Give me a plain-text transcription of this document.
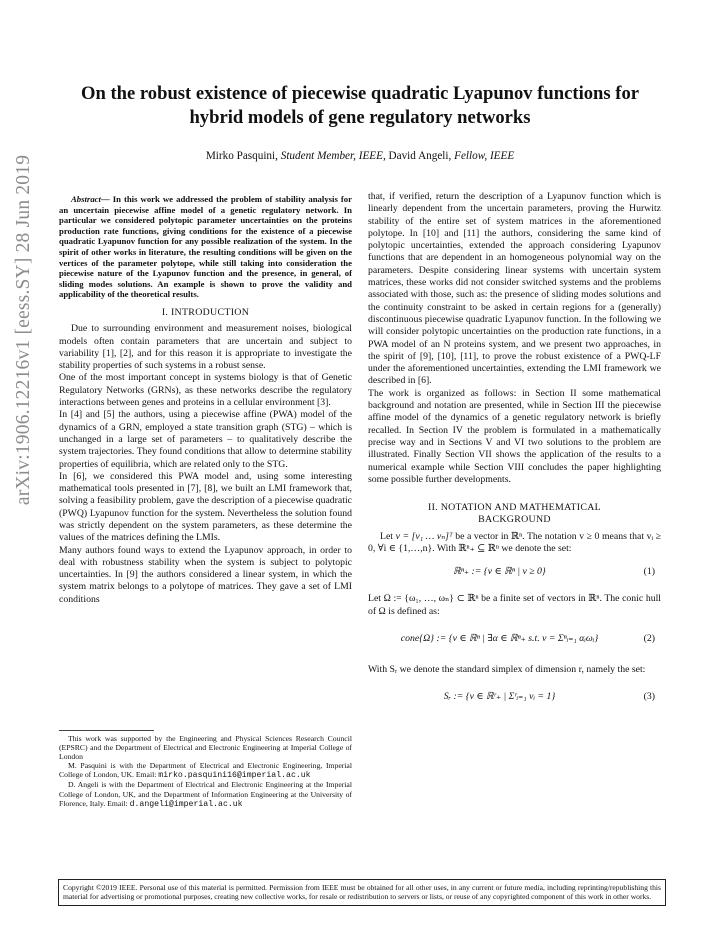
arXiv:1906.12216v1 [eess.SY] 28 Jun 2019
On the robust existence of piecewise quadratic Lyapunov functions for
hybrid models of gene regulatory networks
Mirko Pasquini, Student Member, IEEE, David Angeli, Fellow, IEEE

Abstract— In this work we addressed the problem of stability analysis for an uncertain piecewise affine model of a genetic regulatory network. In particular we considered polytopic parameter uncertainties on the proteins production rate functions, giving conditions for the existence of a piecewise quadratic Lyapunov function for any possible realization of the system. In the spirit of other works in literature, the resulting conditions will be given on the vertices of the parameter polytope, while still taking into consideration the piecewise nature of the Lyapunov function and the presence, in general, of sliding modes solutions. An example is shown to prove the validity and applicability of the theoretical results.

I. INTRODUCTION

Due to surrounding environment and measurement noises, biological models often contain parameters that are uncertain and subject to variability [1], [2], and for this reason it is appropriate to investigate the stability properties of such systems in a robust sense.

One of the most important concept in systems biology is that of Genetic Regulatory Networks (GRNs), as these networks describe the regulatory interactions between genes and proteins in a cellular environment [3].

In [4] and [5] the authors, using a piecewise affine (PWA) model of the dynamics of a GRN, employed a state transition graph (STG) – which is unchanged in a large set of parameters – to qualitatively describe the system trajectories. They found conditions that allow to determine stability properties of equilibria, which are related only to the STG.

In [6], we considered this PWA model and, using some interesting mathematical tools presented in [7], [8], we built an LMI framework that, solving a feasibility problem, gave the description of a piecewise quadratic (PWQ) Lyapunov function for the system. Nevertheless the solution found was strictly dependent on the system parameters, as these determine the values of the matrices defining the LMIs.

Many authors found ways to extend the Lyapunov approach, in order to deal with robustness stability when the system is subject to polytopic uncertainties. In [9] the authors considered a linear system, in which the system matrix belongs to a polytope of matrices. They gave a set of LMI conditions

This work was supported by the Engineering and Physical Sciences Research Council (EPSRC) and the Department of Electrical and Electronic Engineering at Imperial College of London

M. Pasquini is with the Department of Electrical and Electronic Engineering, Imperial College of London, UK. Email: mirko.pasquini16@imperial.ac.uk

D. Angeli is with the Department of Electrical and Electronic Engineering at the Imperial College of London, UK, and the Department of Information Engineering at the University of Florence, Italy. Email: d.angeli@imperial.ac.uk

that, if verified, return the description of a Lyapunov function which is linearly dependent from the uncertain parameters, proving the Hurwitz stability of the entire set of system matrices in the aforementioned polytope. In [10] and [11] the authors, considering the same kind of polytopic uncertainties, extended the approach considering Lyapunov functions that are dependent in an homogeneous polynomial way on the parameters. Despite considering linear systems with uncertain system matrices, these works did not consider switched systems and the problems associated with those, such as: the presence of sliding modes solutions and the continuity constraint to be asked in certain regions for a (generally) discontinuous piecewise quadratic Lyapunov function. In the following we will consider polytopic uncertainties on the production rate functions, in a PWA model of an N proteins system, and we present two approaches, in the spirit of [9], [10], [11], to prove the robust existence of a PWQ-LF under the aforementioned uncertainties, extending the LMI framework we described in [6].

The work is organized as follows: in Section II some mathematical background and notation are presented, while in Section III the piecewise affine model of the dynamics of a genetic regulatory network is briefly recalled. In Section IV the problem is formulated in a mathematically precise way and in Sections V and VI two solutions to the problem are illustrated. Finally Section VII shows the application of the results to a numerical example while Section VIII concludes the paper highlighting some possible further developments.

II. NOTATION AND MATHEMATICAL
BACKGROUND

Let v = [v₁ … vₙ]ᵀ be a vector in ℝⁿ. The notation v ≥ 0 means that vᵢ ≥ 0, ∀i ∈ {1,…,n}. With ℝⁿ₊ ⊆ ℝⁿ we denote the set:

ℝⁿ₊ := {v ∈ ℝⁿ | v ≥ 0}	(1)

Let Ω := {ω₁, …, ωₙ} ⊂ ℝⁿ be a finite set of vectors in ℝⁿ. The conic hull of Ω is defined as:

cone{Ω} := {v ∈ ℝⁿ | ∃α ∈ ℝⁿ₊ s.t. v = Σⁿᵢ₌₁ αᵢωᵢ}	(2)

With Sᵣ we denote the standard simplex of dimension r, namely the set:

Sᵣ := {v ∈ ℝʳ₊ | Σʳᵢ₌₁ vᵢ = 1}	(3)
Copyright ©2019 IEEE. Personal use of this material is permitted. Permission from IEEE must be obtained for all other uses, in any current or future media, including reprinting/republishing this material for advertising or promotional purposes, creating new collective works, for resale or redistribution to servers or lists, or reuse of any copyrighted component of this work in other works.
